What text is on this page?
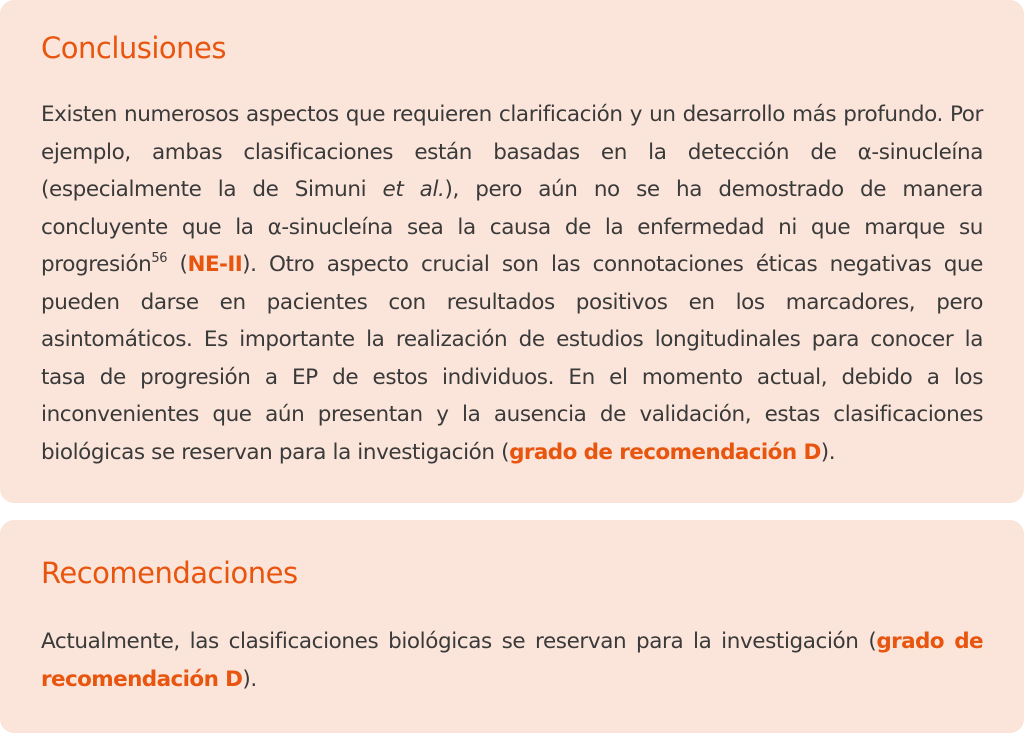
Conclusiones

Existen numerosos aspectos que requieren clarificación y un desarrollo más profundo. Por ejemplo, ambas clasificaciones están basadas en la detección de α-sinucleína (especialmente la de Simuni et al.), pero aún no se ha demostrado de manera concluyente que la α-sinucleína sea la causa de la enfermedad ni que marque su progresión$^{56}$ (NE-II). Otro aspecto crucial son las connotaciones éticas negativas que pueden darse en pacientes con resultados positivos en los marcadores, pero asintomáticos. Es importante la realización de estudios longitudinales para conocer la tasa de progresión a EP de estos individuos. En el momento actual, debido a los inconvenientes que aún presentan y la ausencia de validación, estas clasificaciones biológicas se reservan para la investigación (grado de recomendación D).

Recomendaciones

Actualmente, las clasificaciones biológicas se reservan para la investigación (grado de recomendación D).
